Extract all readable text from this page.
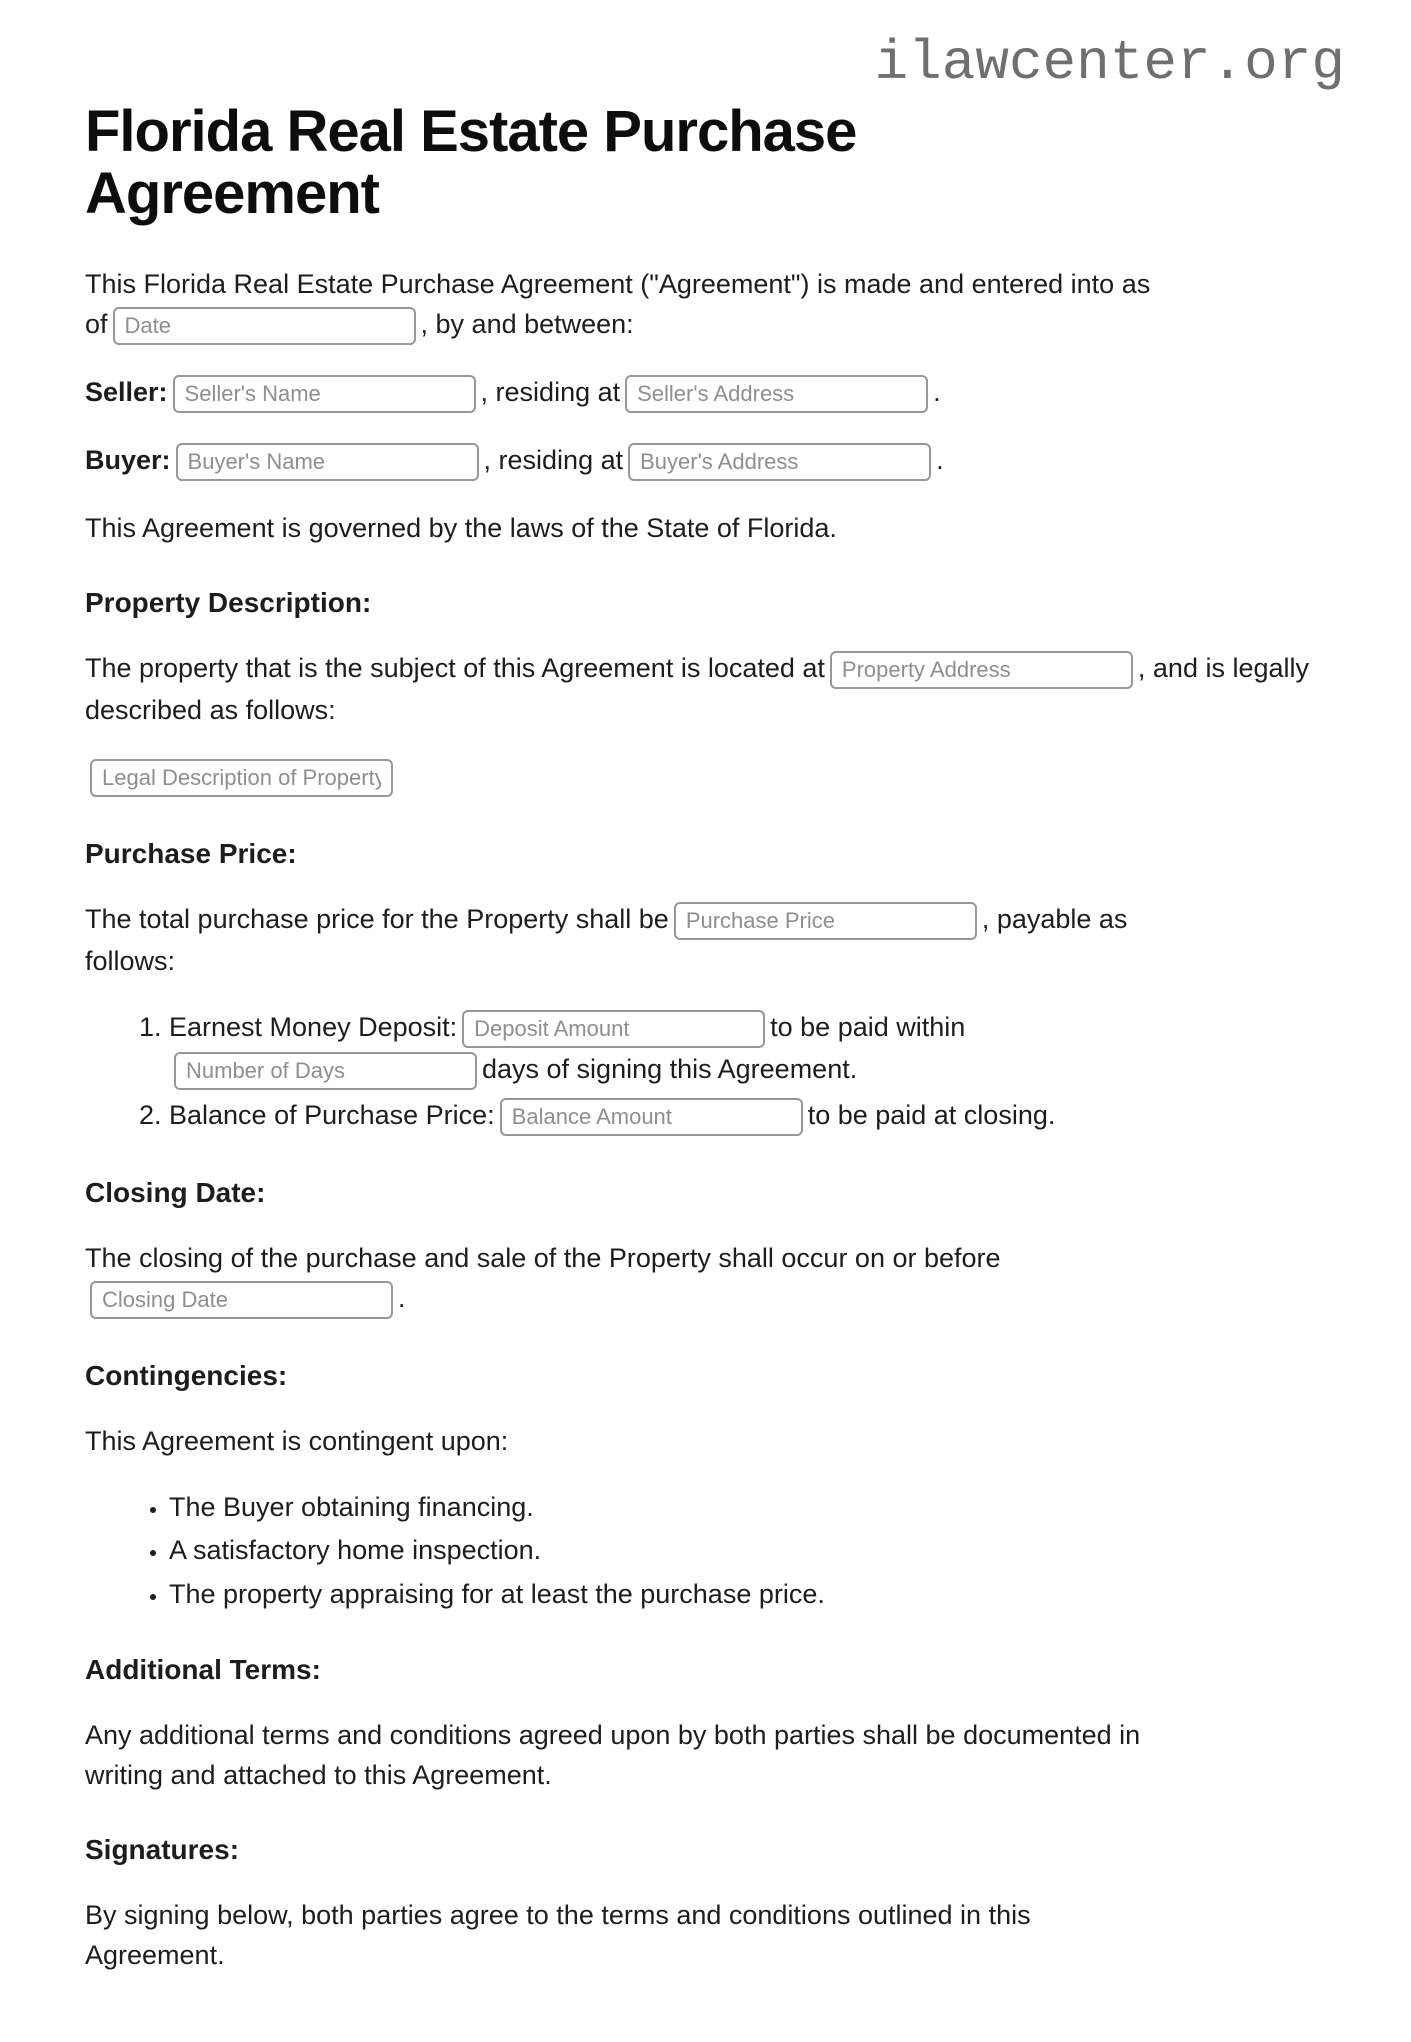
ilawcenter.org
Florida Real Estate Purchase Agreement

This Florida Real Estate Purchase Agreement ("Agreement") is made and entered into as
ofDate	, by and between:

Seller:Seller's Name	, residing atSeller's Address	.

Buyer:Buyer's Name	, residing atBuyer's Address	.

This Agreement is governed by the laws of the State of Florida.

Property Description:

The property that is the subject of this Agreement is located atProperty Address	, and is legally described as follows:

Legal Description of Property

Purchase Price:

The total purchase price for the Property shall bePurchase Price	, payable as
follows:

1. Earnest Money Deposit:Deposit Amount	to be paid within
Number of Daysdays of signing this Agreement.
2. Balance of Purchase Price:Balance Amount	to be paid at closing.

Closing Date:

The closing of the purchase and sale of the Property shall occur on or before
Closing Date.

Contingencies:

This Agreement is contingent upon:

• The Buyer obtaining financing.
• A satisfactory home inspection.
• The property appraising for at least the purchase price.

Additional Terms:

Any additional terms and conditions agreed upon by both parties shall be documented in
writing and attached to this Agreement.

Signatures:

By signing below, both parties agree to the terms and conditions outlined in this
Agreement.
